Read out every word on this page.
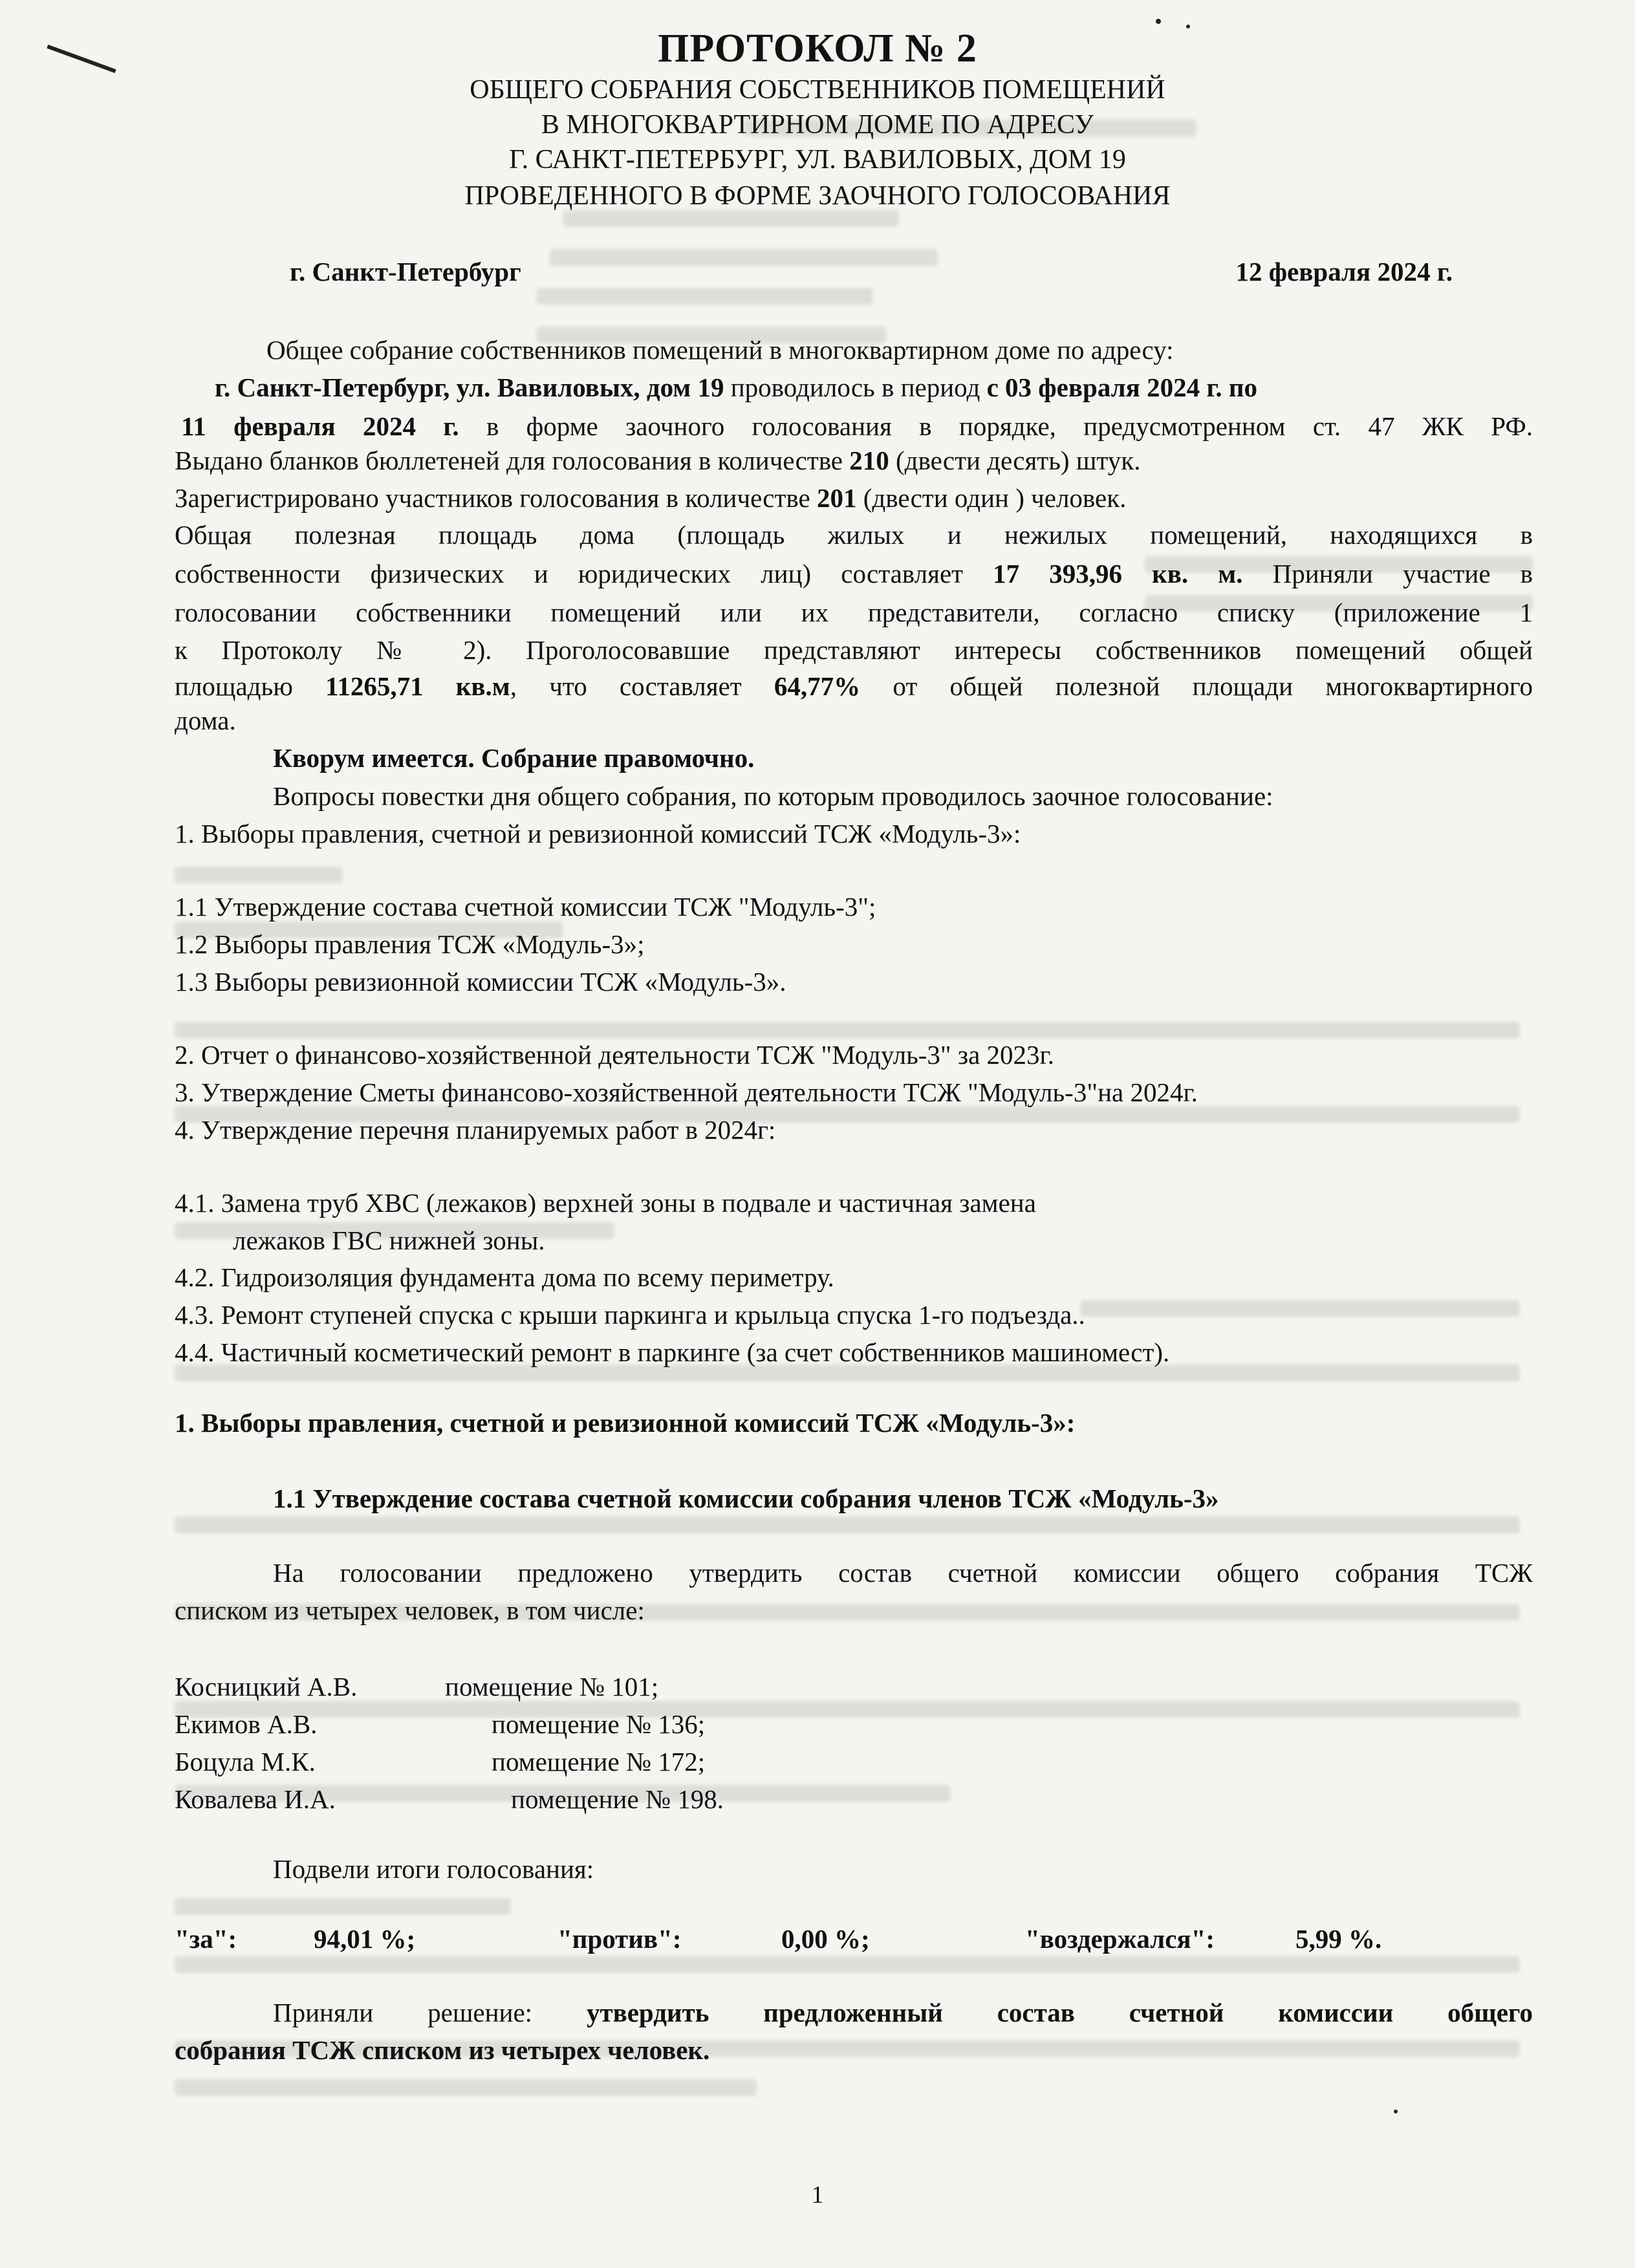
ПРОТОКОЛ № 2
ОБЩЕГО СОБРАНИЯ СОБСТВЕННИКОВ ПОМЕЩЕНИЙ
В МНОГОКВАРТИРНОМ ДОМЕ ПО АДРЕСУ
Г. САНКТ-ПЕТЕРБУРГ, УЛ. ВАВИЛОВЫХ, ДОМ 19
ПРОВЕДЕННОГО В ФОРМЕ ЗАОЧНОГО ГОЛОСОВАНИЯ
г. Санкт-Петербург	12 февраля 2024 г.
Общее собрание собственников помещений в многоквартирном доме по адресу:
г. Санкт-Петербург, ул. Вавиловых, дом 19 проводилось в период с 03 февраля 2024 г. по
11 февраля 2024 г. в форме заочного голосования в порядке, предусмотренном ст. 47 ЖК РФ.
Выдано бланков бюллетеней для голосования в количестве 210 (двести десять) штук.
Зарегистрировано участников голосования в количестве 201 (двести один ) человек.
Общая полезная площадь дома (площадь жилых и нежилых помещений, находящихся в
собственности физических и юридических лиц) составляет 17 393,96 кв. м. Приняли участие в
голосовании собственники помещений или их представители, согласно списку (приложение 1
к Протоколу № 2). Проголосовавшие представляют интересы собственников помещений общей
площадью 11265,71 кв.м, что составляет 64,77% от общей полезной площади многоквартирного
дома.
Кворум имеется. Собрание правомочно.
Вопросы повестки дня общего собрания, по которым проводилось заочное голосование:
1. Выборы правления, счетной и ревизионной комиссий ТСЖ «Модуль-3»:
1.1 Утверждение состава счетной комиссии ТСЖ "Модуль-3";
1.2 Выборы правления ТСЖ «Модуль-3»;
1.3 Выборы ревизионной комиссии ТСЖ «Модуль-3».
2. Отчет о финансово-хозяйственной деятельности ТСЖ "Модуль-3" за 2023г.
3. Утверждение Сметы финансово-хозяйственной деятельности ТСЖ "Модуль-3"на 2024г.
4. Утверждение перечня планируемых работ в 2024г:
4.1. Замена труб ХВС (лежаков) верхней зоны в подвале и частичная замена
лежаков ГВС нижней зоны.
4.2. Гидроизоляция фундамента дома по всему периметру.
4.3. Ремонт ступеней спуска с крыши паркинга и крыльца спуска 1-го подъезда..
4.4. Частичный косметический ремонт в паркинге (за счет собственников машиномест).
1. Выборы правления, счетной и ревизионной комиссий ТСЖ «Модуль-3»:
1.1 Утверждение состава счетной комиссии собрания членов ТСЖ «Модуль-3»
На голосовании предложено утвердить состав счетной комиссии общего собрания ТСЖ
списком из четырех человек, в том числе:
Косницкий А.В.	помещение № 101;
Екимов А.В.	помещение № 136;
Боцула М.К.	помещение № 172;
Ковалева И.А.	помещение № 198.
Подвели итоги голосования:
"за":	94,01 %;	"против":	0,00 %;	"воздержался":	5,99 %.
Приняли решение: утвердить предложенный состав счетной комиссии общего
собрания ТСЖ списком из четырех человек.
1
